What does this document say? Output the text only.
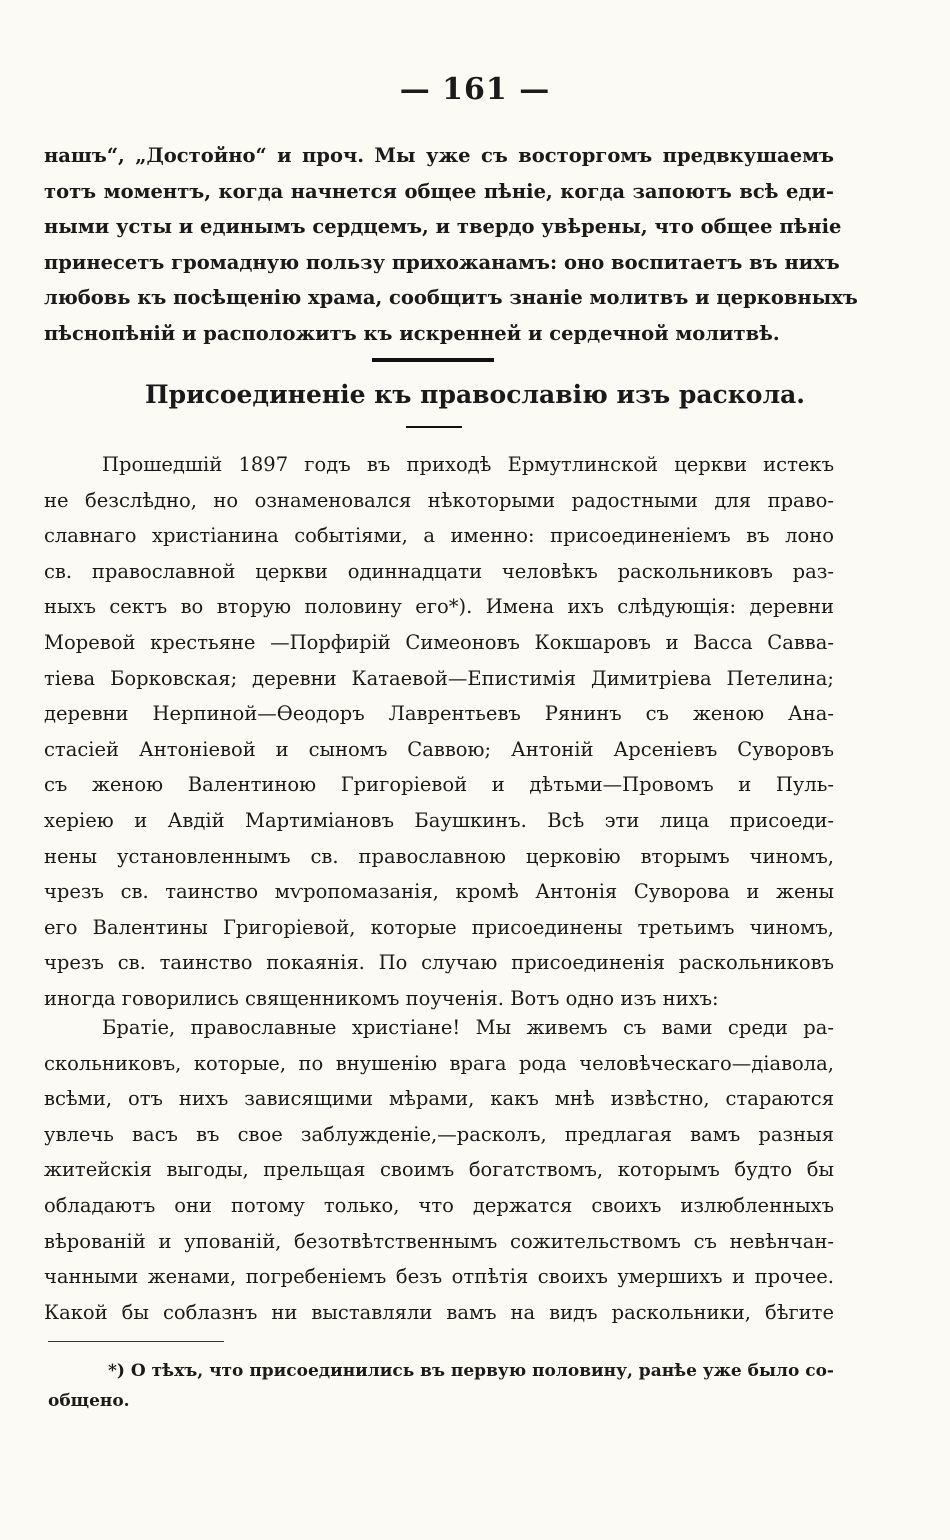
— 161 —
нашъ“, „Достойно“ и проч. Мы уже съ восторгомъ предвкушаемъ
тотъ моментъ, когда начнется общее пѣніе, когда запоютъ всѣ еди-
ными усты и единымъ сердцемъ, и твердо увѣрены, что общее пѣніе
принесетъ громадную пользу прихожанамъ: оно воспитаетъ въ нихъ
любовь къ посѣщенію храма, сообщитъ знаніе молитвъ и церковныхъ
пѣснопѣній и расположитъ къ искренней и сердечной молитвѣ.
Присоединеніе къ православію изъ раскола.
Прошедшій 1897 годъ въ приходѣ Ермутлинской церкви истекъ
не безслѣдно, но ознаменовался нѣкоторыми радостными для право-
славнаго христіанина событіями, а именно: присоединеніемъ въ лоно
св. православной церкви одиннадцати человѣкъ раскольниковъ раз-
ныхъ сектъ во вторую половину его*). Имена ихъ слѣдующія: деревни
Моревой крестьяне —Порфирій Симеоновъ Кокшаровъ и Васса Савва-
тіева Борковская; деревни Катаевой—Епистимія Димитріева Петелина;
деревни Нерпиной—Ѳеодоръ Лаврентьевъ Рянинъ съ женою Ана-
стасіей Антоніевой и сыномъ Саввою; Антоній Арсеніевъ Суворовъ
съ женою Валентиною Григоріевой и дѣтьми—Провомъ и Пуль-
херіею и Авдій Мартиміановъ Баушкинъ. Всѣ эти лица присоеди-
нены установленнымъ св. православною церковію вторымъ чиномъ,
чрезъ св. таинство мѵропомазанія, кромѣ Антонія Суворова и жены
его Валентины Григоріевой, которые присоединены третьимъ чиномъ,
чрезъ св. таинство покаянія. По случаю присоединенія раскольниковъ
иногда говорились священникомъ поученія. Вотъ одно изъ нихъ:
Братіе, православные христіане! Мы живемъ съ вами среди ра-
скольниковъ, которые, по внушенію врага рода человѣческаго—діавола,
всѣми, отъ нихъ зависящими мѣрами, какъ мнѣ извѣстно, стараются
увлечь васъ въ свое заблужденіе,—расколъ, предлагая вамъ разныя
житейскія выгоды, прельщая своимъ богатствомъ, которымъ будто бы
обладаютъ они потому только, что держатся своихъ излюбленныхъ
вѣрованій и упованій, безотвѣтственнымъ сожительствомъ съ невѣнчан-
чанными женами, погребеніемъ безъ отпѣтія своихъ умершихъ и прочее.
Какой бы соблазнъ ни выставляли вамъ на видъ раскольники, бѣгите
*) О тѣхъ, что присоединились въ первую половину, ранѣе уже было со-
общено.
